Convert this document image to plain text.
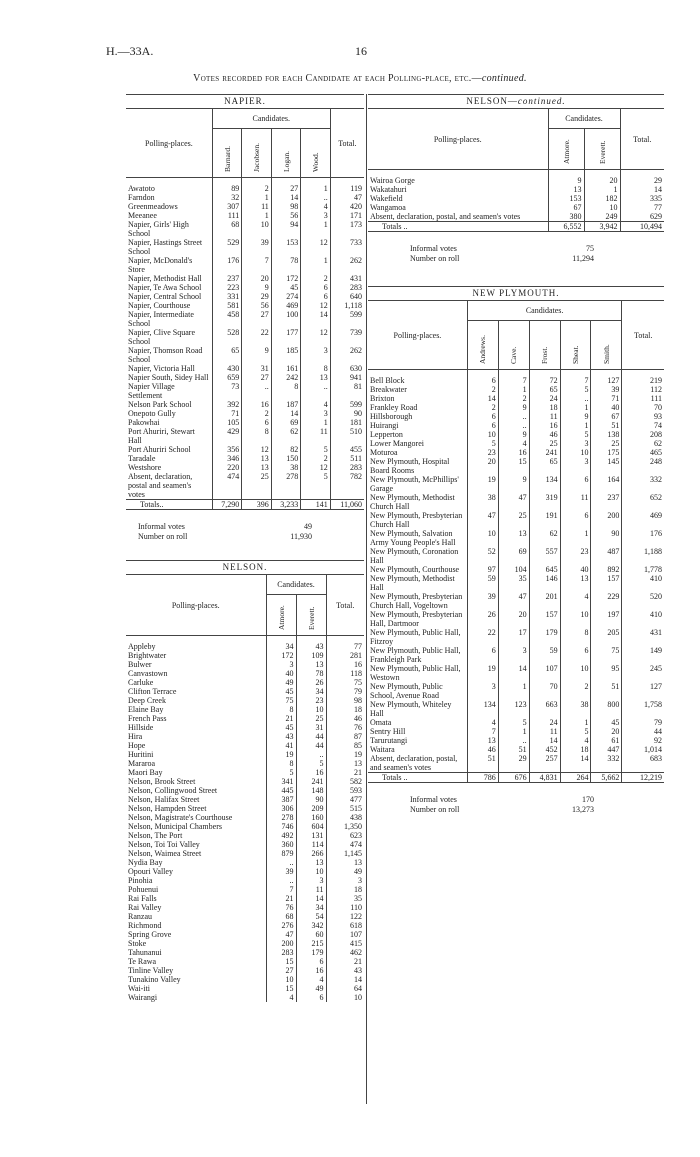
H.—33A.	16
Votes recorded for each Candidate at each Polling-place, etc.—continued.
NAPIER.					
Polling-places.	Candidates.				Total.
	Barnard.	Jacobsen.	Logan.	Wood.	
Awatoto	89	2	27	1	119
Farndon	32	1	14	..	47
Greenmeadows	307	11	98	4	420
Meeanee	111	1	56	3	171
Napier, Girls' High School	68	10	94	1	173
Napier, Hastings Street School	529	39	153	12	733
Napier, McDonald's Store	176	7	78	1	262
Napier, Methodist Hall	237	20	172	2	431
Napier, Te Awa School	223	9	45	6	283
Napier, Central School	331	29	274	6	640
Napier, Courthouse	581	56	469	12	1,118
Napier, Intermediate School	458	27	100	14	599
Napier, Clive Square School	528	22	177	12	739
Napier, Thomson Road School	65	9	185	3	262
Napier, Victoria Hall	430	31	161	8	630
Napier South, Sidey Hall	659	27	242	13	941
Napier Village Settlement	73	..	8	..	81
Nelson Park School	392	16	187	4	599
Onepoto Gully	71	2	14	3	90
Pakowhai	105	6	69	1	181
Port Ahuriri, Stewart Hall	429	8	62	11	510
Port Ahuriri School	356	12	82	5	455
Taradale	346	13	150	2	511
Westshore	220	13	38	12	283
Absent, declaration, postal and seamen's votes	474	25	278	5	782
Totals..	7,290	396	3,233	141	11,060
Informal votes	49
Number on roll	11,930
NELSON.			
Polling-places.	Candidates.		Total.
	Atmore.	Everett.	
Appleby	34	43	77
Brightwater	172	109	281
Bulwer	3	13	16
Canvastown	40	78	118
Carluke	49	26	75
Clifton Terrace	45	34	79
Deep Creek	75	23	98
Elaine Bay	8	10	18
French Pass	21	25	46
Hillside	45	31	76
Hira	43	44	87
Hope	41	44	85
Huritini	19	..	19
Mararoa	8	5	13
Maori Bay	5	16	21
Nelson, Brook Street	341	241	582
Nelson, Collingwood Street	445	148	593
Nelson, Halifax Street	387	90	477
Nelson, Hampden Street	306	209	515
Nelson, Magistrate's Courthouse	278	160	438
Nelson, Municipal Chambers	746	604	1,350
Nelson, The Port	492	131	623
Nelson, Toi Toi Valley	360	114	474
Nelson, Waimea Street	879	266	1,145
Nydia Bay	..	13	13
Opouri Valley	39	10	49
Pinohia	..	3	3
Pohuenui	7	11	18
Rai Falls	21	14	35
Rai Valley	76	34	110
Ranzau	68	54	122
Richmond	276	342	618
Spring Grove	47	60	107
Stoke	200	215	415
Tahunanui	283	179	462
Te Rawa	15	6	21
Tinline Valley	27	16	43
Tunakino Valley	10	4	14
Wai-iti	15	49	64
Wairangi	4	6	10
NELSON—continued.			
Polling-places.	Candidates.		Total.
	Atmore.	Everett.	
Wairoa Gorge	9	20	29
Wakatahuri	13	1	14
Wakefield	153	182	335
Wangamoa	67	10	77
Absent, declaration, postal, and seamen's votes	380	249	629
Totals ..	6,552	3,942	10,494
Informal votes	75
Number on roll	11,294
NEW PLYMOUTH.						
Polling-places.	Candidates.					Total.
	Andrews.	Cave.	Frost.	Sheat.	Smith.	
Bell Block	6	7	72	7	127	219
Breakwater	2	1	65	5	39	112
Brixton	14	2	24	..	71	111
Frankley Road	2	9	18	1	40	70
Hillsborough	6	..	11	9	67	93
Huirangi	6	..	16	1	51	74
Lepperton	10	9	46	5	138	208
Lower Mangorei	5	4	25	3	25	62
Moturoa	23	16	241	10	175	465
New Plymouth, Hospital Board Rooms	20	15	65	3	145	248
New Plymouth, McPhillips' Garage	19	9	134	6	164	332
New Plymouth, Methodist Church Hall	38	47	319	11	237	652
New Plymouth, Presbyterian Church Hall	47	25	191	6	200	469
New Plymouth, Salvation Army Young People's Hall	10	13	62	1	90	176
New Plymouth, Coronation Hall	52	69	557	23	487	1,188
New Plymouth, Courthouse	97	104	645	40	892	1,778
New Plymouth, Methodist Hall	59	35	146	13	157	410
New Plymouth, Presbyterian Church Hall, Vogeltown	39	47	201	4	229	520
New Plymouth, Presbyterian Hall, Dartmoor	26	20	157	10	197	410
New Plymouth, Public Hall, Fitzroy	22	17	179	8	205	431
New Plymouth, Public Hall, Frankleigh Park	6	3	59	6	75	149
New Plymouth, Public Hall, Westown	19	14	107	10	95	245
New Plymouth, Public School, Avenue Road	3	1	70	2	51	127
New Plymouth, Whiteley Hall	134	123	663	38	800	1,758
Omata	4	5	24	1	45	79
Sentry Hill	7	1	11	5	20	44
Tarurutangi	13	..	14	4	61	92
Waitara	46	51	452	18	447	1,014
Absent, declaration, postal, and seamen's votes	51	29	257	14	332	683
Totals ..	786	676	4,831	264	5,662	12,219
Informal votes	170
Number on roll	13,273
